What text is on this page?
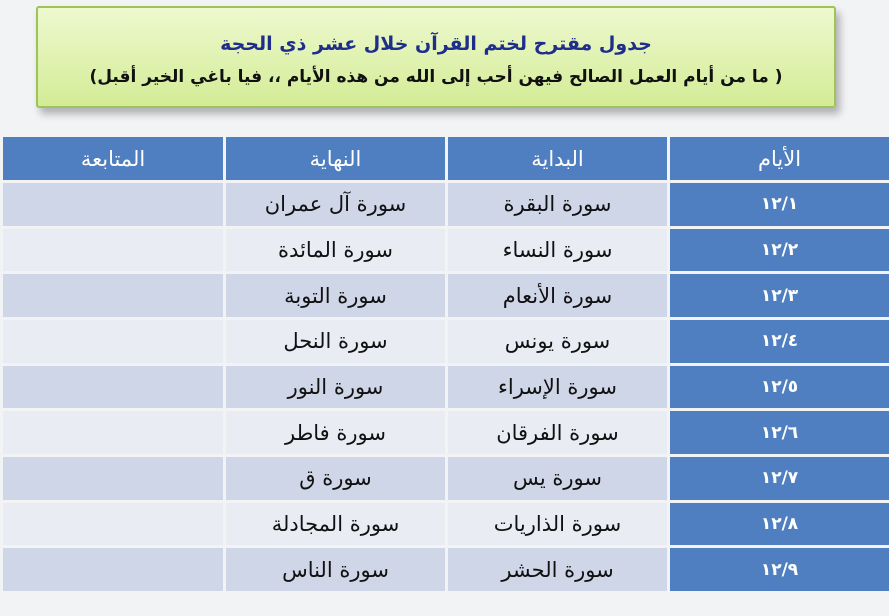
جدول مقترح لختم القرآن خلال عشر ذي الحجة
( ما من أيام العمل الصالح فيهن أحب إلى الله من هذه الأيام ،، فيا باغي الخير أقبل)
الأيام	البداية	النهاية	المتابعة
١٢/١	سورة البقرة	سورة آل عمران	
١٢/٢	سورة النساء	سورة المائدة	
١٢/٣	سورة الأنعام	سورة التوبة	
١٢/٤	سورة يونس	سورة النحل	
١٢/٥	سورة الإسراء	سورة النور	
١٢/٦	سورة الفرقان	سورة فاطر	
١٢/٧	سورة يس	سورة ق	
١٢/٨	سورة الذاريات	سورة المجادلة	
١٢/٩	سورة الحشر	سورة الناس	
